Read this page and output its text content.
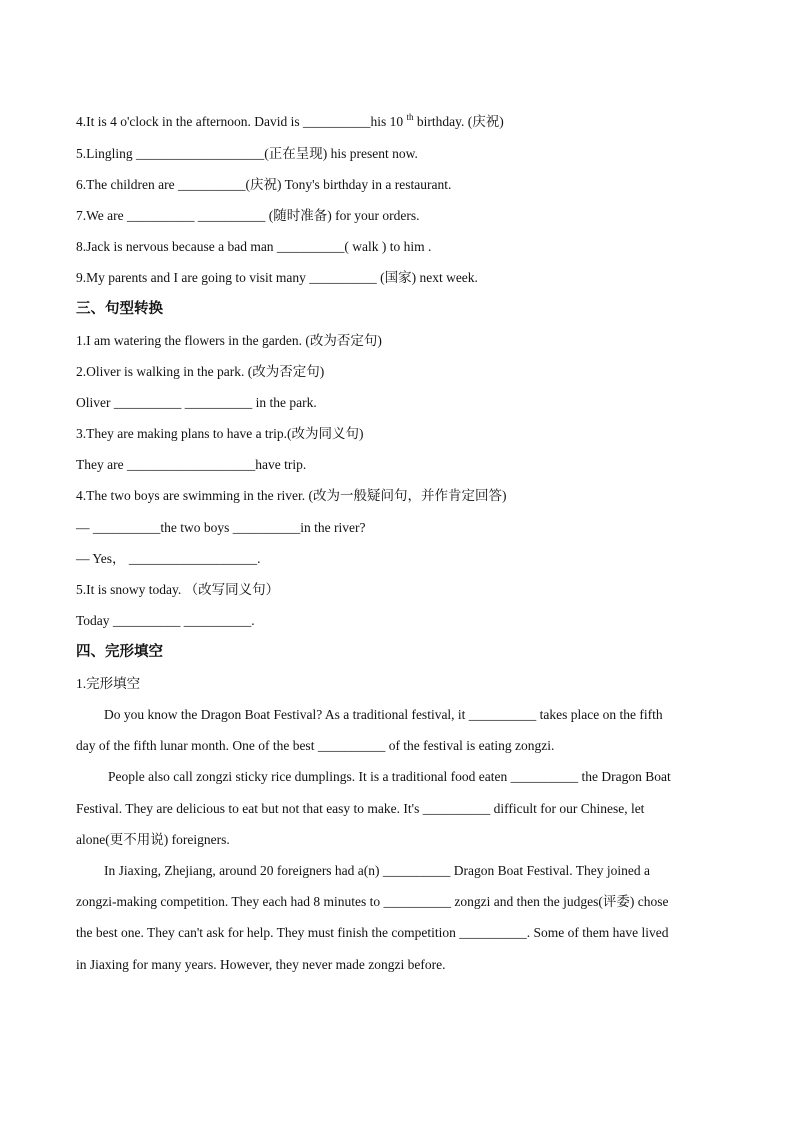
4.It is 4 o'clock in the afternoon. David is __________his 10 $^{th}$ birthday. (庆祝)
5.Lingling ___________________(正在呈现) his present now.
6.The children are __________(庆祝) Tony's birthday in a restaurant.
7.We are __________ __________ (随时准备) for your orders.
8.Jack is nervous because a bad man __________( walk ) to him .
9.My parents and I are going to visit many __________ (国家) next week.
三、句型转换
1.I am watering the flowers in the garden. (改为否定句)
2.Oliver is walking in the park. (改为否定句)
Oliver __________ __________ in the park.
3.They are making plans to have a trip.(改为同义句)
They are ___________________have trip.
4.The two boys are swimming in the river. (改为一般疑问句，并作肯定回答)
— __________the two boys __________in the river?
— Yes， ___________________.
5.It is snowy today. （改写同义句）
Today __________ __________.
四、完形填空
1.完形填空
Do you know the Dragon Boat Festival? As a traditional festival, it __________ takes place on the fifth
day of the fifth lunar month. One of the best __________ of the festival is eating zongzi.
People also call zongzi sticky rice dumplings. It is a traditional food eaten __________ the Dragon Boat
Festival. They are delicious to eat but not that easy to make. It's __________ difficult for our Chinese, let
alone(更不用说) foreigners.
In Jiaxing, Zhejiang, around 20 foreigners had a(n) __________ Dragon Boat Festival. They joined a
zongzi-making competition. They each had 8 minutes to __________ zongzi and then the judges(评委) chose
the best one. They can't ask for help. They must finish the competition __________. Some of them have lived
in Jiaxing for many years. However, they never made zongzi before.
